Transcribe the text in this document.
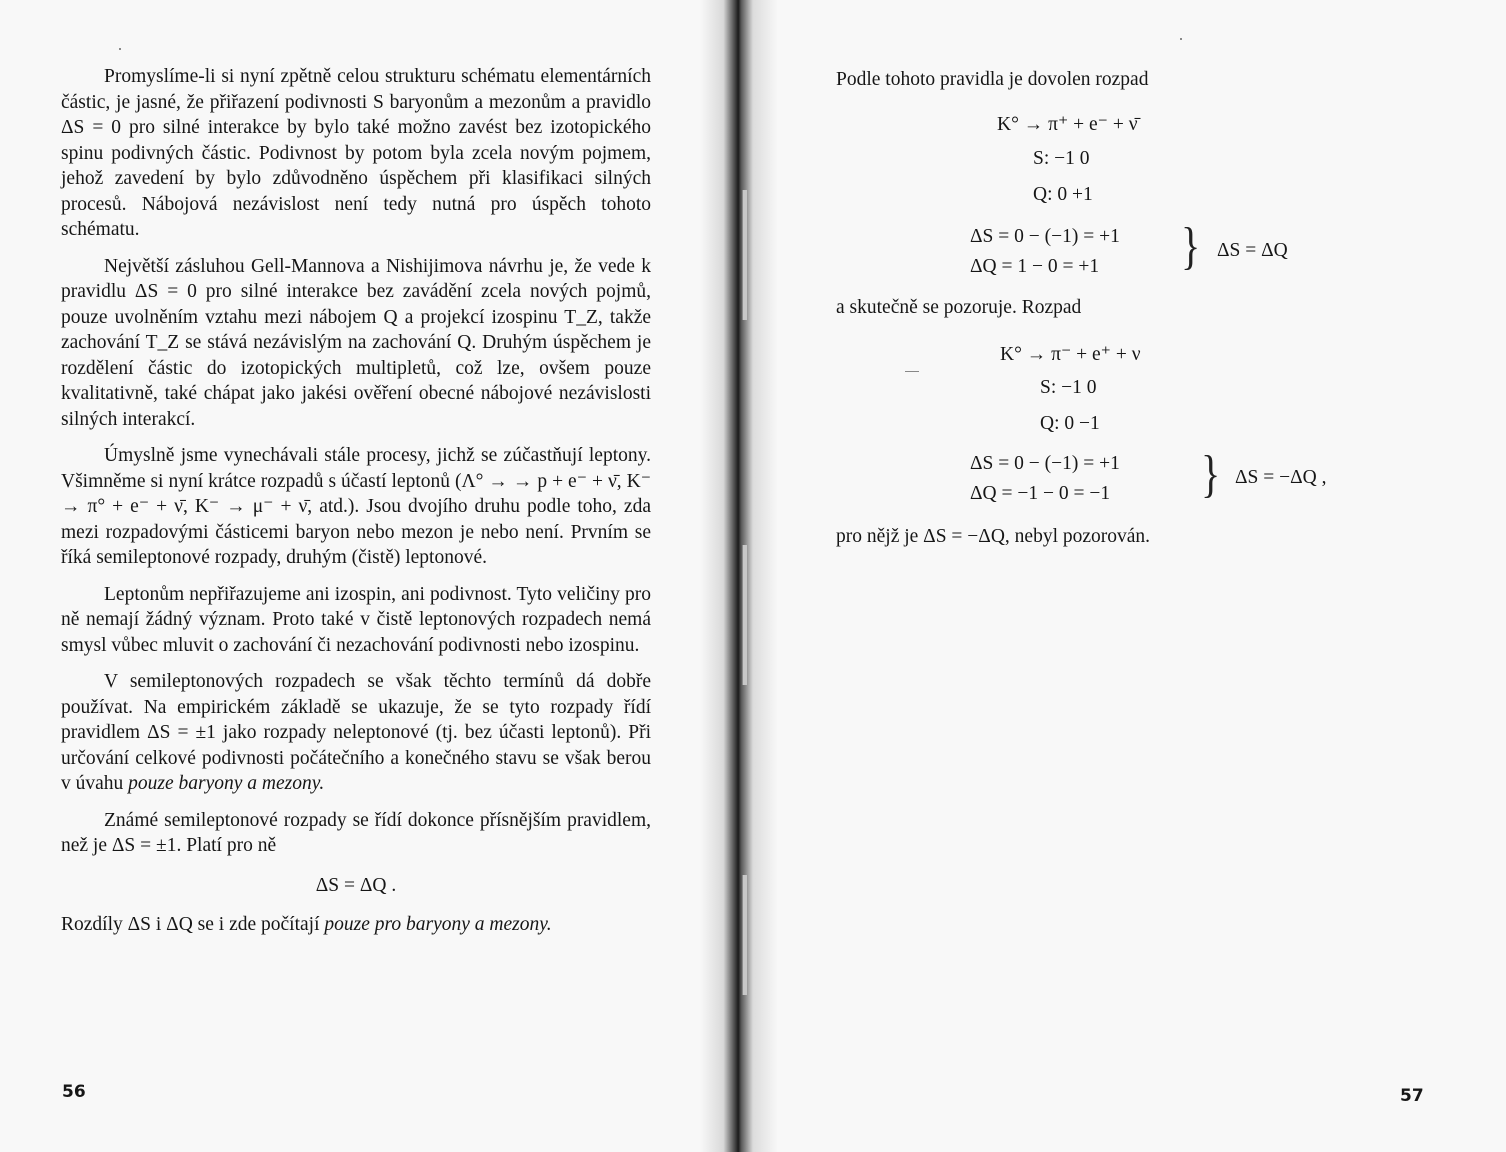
Promyslíme-li si nyní zpětně celou strukturu schématu elementárních částic, je jasné, že přiřazení podivnosti S baryonům a mezonům a pravidlo ΔS = 0 pro silné interakce by bylo také možno zavést bez izotopického spinu podivných částic. Podivnost by potom byla zcela novým pojmem, jehož zavedení by bylo zdůvodněno úspěchem při klasifikaci silných procesů. Nábojová nezávislost není tedy nutná pro úspěch tohoto schématu.

Největší zásluhou Gell-Mannova a Nishijimova návrhu je, že vede k pravidlu ΔS = 0 pro silné interakce bez zavádění zcela nových pojmů, pouze uvolněním vztahu mezi nábojem Q a projekcí izospinu T_Z, takže zachování T_Z se stává nezávislým na zachování Q. Druhým úspěchem je rozdělení částic do izotopických multipletů, což lze, ovšem pouze kvalitativně, také chápat jako jakési ověření obecné nábojové nezávislosti silných interakcí.

Úmyslně jsme vynechávali stále procesy, jichž se zúčastňují leptony. Všimněme si nyní krátce rozpadů s účastí leptonů (Λ° → → p + e⁻ + ν̄, K⁻ → π° + e⁻ + ν̄, K⁻ → μ⁻ + ν̄, atd.). Jsou dvojího druhu podle toho, zda mezi rozpadovými částicemi baryon nebo mezon je nebo není. Prvním se říká semileptonové rozpady, druhým (čistě) leptonové.

Leptonům nepřiřazujeme ani izospin, ani podivnost. Tyto veličiny pro ně nemají žádný význam. Proto také v čistě leptonových rozpadech nemá smysl vůbec mluvit o zachování či nezachování podivnosti nebo izospinu.

V semileptonových rozpadech se však těchto termínů dá dobře používat. Na empirickém základě se ukazuje, že se tyto rozpady řídí pravidlem ΔS = ±1 jako rozpady neleptonové (tj. bez účasti leptonů). Při určování celkové podivnosti počátečního a konečného stavu se však berou v úvahu pouze baryony a mezony.

Známé semileptonové rozpady se řídí dokonce přísnějším pravidlem, než je ΔS = ±1. Platí pro ně

ΔS = ΔQ .

Rozdíly ΔS i ΔQ se i zde počítají pouze pro baryony a mezony.

56
Podle tohoto pravidla je dovolen rozpad
K° → π⁺ + e⁻ + ν̄
S: −1 0
Q: 0 +1
ΔS = 0 − (−1) = +1
ΔQ = 1 − 0 = +1 } ΔS = ΔQ
a skutečně se pozoruje. Rozpad
K° → π⁻ + e⁺ + ν
S: −1 0
Q: 0 −1
ΔS = 0 − (−1) = +1
ΔQ = −1 − 0 = −1 } ΔS = −ΔQ ,
pro nějž je ΔS = −ΔQ, nebyl pozorován.
57
